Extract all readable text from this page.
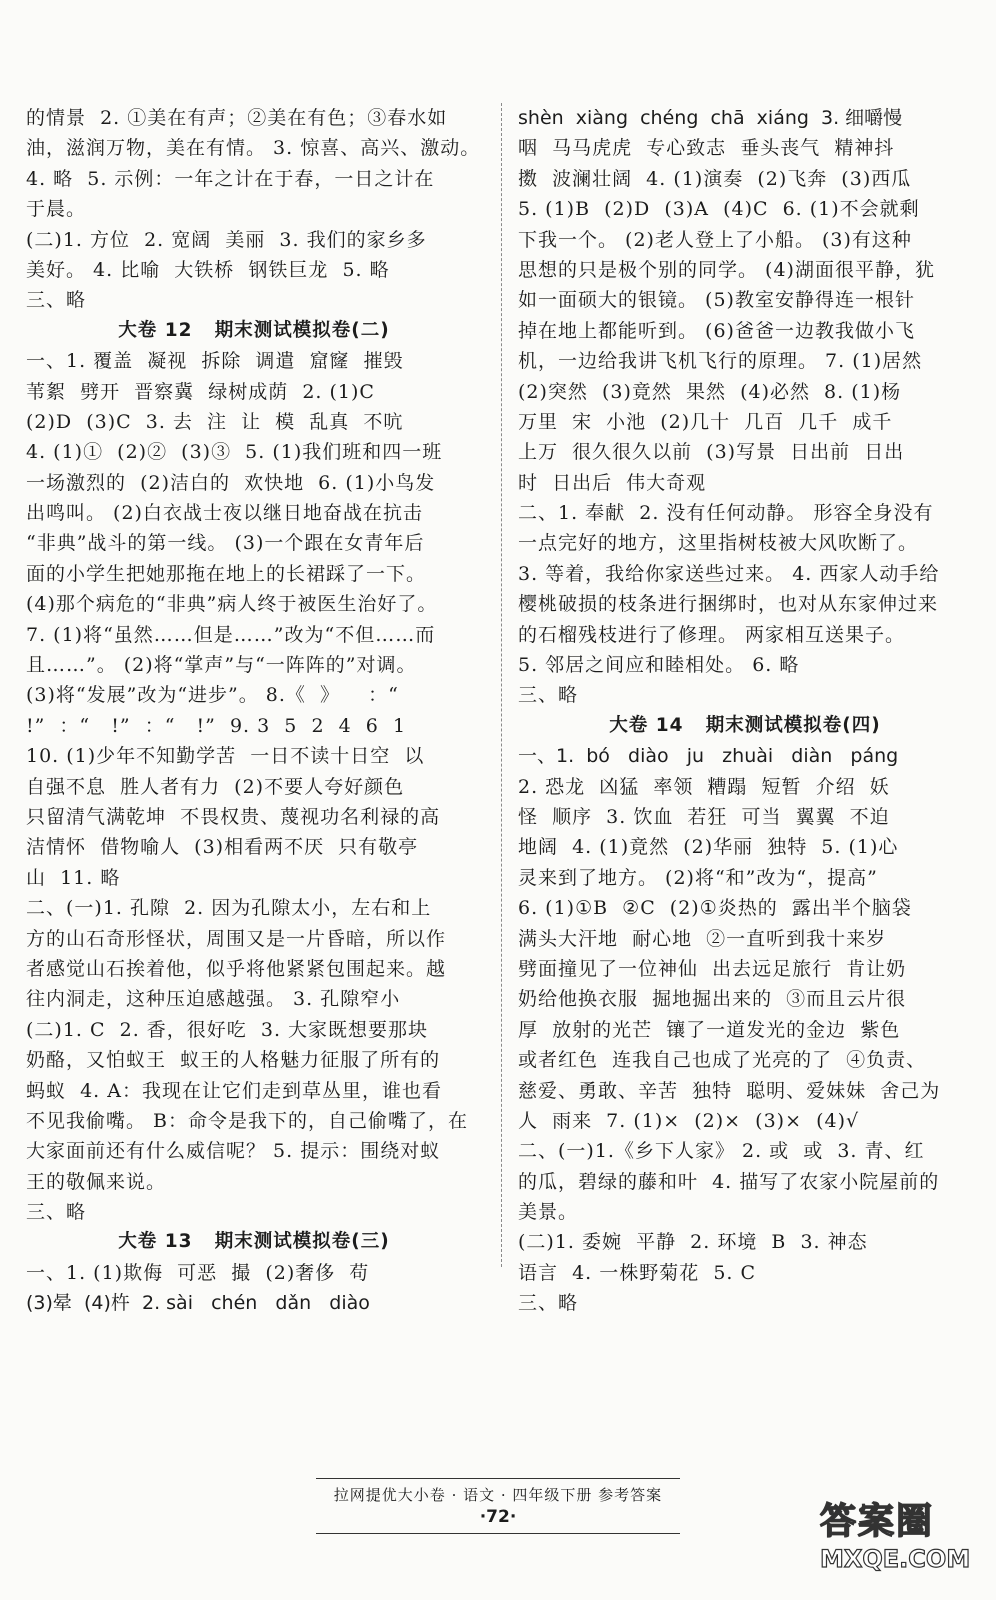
的情景  2. ①美在有声；②美在有色；③春水如
油，滋润万物，美在有情。 3. 惊喜、高兴、激动。
4. 略  5. 示例：一年之计在于春，一日之计在
于晨。
(二)1. 方位  2. 宽阔  美丽  3. 我们的家乡多
美好。 4. 比喻  大铁桥  钢铁巨龙  5. 略
三、略
大卷 12   期末测试模拟卷(二)
一、1. 覆盖  凝视  拆除  调遣  窟窿  摧毁
苇絮  劈开  晋察冀  绿树成荫  2. (1)C
(2)D  (3)C  3. 去  注  让  模  乱真  不吭
4. (1)①  (2)②  (3)③  5. (1)我们班和四一班
一场激烈的  (2)洁白的  欢快地  6. (1)小鸟发
出鸣叫。 (2)白衣战士夜以继日地奋战在抗击
“非典”战斗的第一线。 (3)一个跟在女青年后
面的小学生把她那拖在地上的长裙踩了一下。
(4)那个病危的“非典”病人终于被医生治好了。
7. (1)将“虽然……但是……”改为“不但……而
且……”。 (2)将“掌声”与“一阵阵的”对调。
(3)将“发展”改为“进步”。 8.《  》    ：“
!”  ：“   !”  ：“   !”  9. 3  5  2  4  6  1
10. (1)少年不知勤学苦  一日不读十日空  以
自强不息  胜人者有力  (2)不要人夸好颜色
只留清气满乾坤  不畏权贵、蔑视功名利禄的高
洁情怀  借物喻人  (3)相看两不厌  只有敬亭
山  11. 略
二、(一)1. 孔隙  2. 因为孔隙太小，左右和上
方的山石奇形怪状，周围又是一片昏暗，所以作
者感觉山石挨着他，似乎将他紧紧包围起来。越
往内洞走，这种压迫感越强。 3. 孔隙窄小
(二)1. C  2. 香，很好吃  3. 大家既想要那块
奶酪，又怕蚁王  蚁王的人格魅力征服了所有的
蚂蚁  4. A：我现在让它们走到草丛里，谁也看
不见我偷嘴。 B：命令是我下的，自己偷嘴了，在
大家面前还有什么威信呢？ 5. 提示：围绕对蚁
王的敬佩来说。
三、略
大卷 13   期末测试模拟卷(三)
一、1. (1)欺侮  可恶  撮  (2)奢侈  苟
(3)晕  (4)杵  2. sài   chén   dǎn   diào
shèn  xiàng  chéng  chā  xiáng  3. 细嚼慢
咽  马马虎虎  专心致志  垂头丧气  精神抖
擞  波澜壮阔  4. (1)演奏  (2)飞奔  (3)西瓜
5. (1)B  (2)D  (3)A  (4)C  6. (1)不会就剩
下我一个。 (2)老人登上了小船。 (3)有这种
思想的只是极个别的同学。 (4)湖面很平静，犹
如一面硕大的银镜。 (5)教室安静得连一根针
掉在地上都能听到。 (6)爸爸一边教我做小飞
机，一边给我讲飞机飞行的原理。 7. (1)居然
(2)突然  (3)竟然  果然  (4)必然  8. (1)杨
万里  宋  小池  (2)几十  几百  几千  成千
上万  很久很久以前  (3)写景  日出前  日出
时  日出后  伟大奇观
二、1. 奉献  2. 没有任何动静。 形容全身没有
一点完好的地方，这里指树枝被大风吹断了。
3. 等着，我给你家送些过来。 4. 西家人动手给
樱桃破损的枝条进行捆绑时，也对从东家伸过来
的石榴残枝进行了修理。 两家相互送果子。
5. 邻居之间应和睦相处。 6. 略
三、略
大卷 14   期末测试模拟卷(四)
一、1.  bó   diào   ju   zhuài   diàn   páng
2. 恐龙  凶猛  率领  糟蹋  短暂  介绍  妖
怪  顺序  3. 饮血  若狂  可当  翼翼  不迫
地阔  4. (1)竟然  (2)华丽  独特  5. (1)心
灵来到了地方。 (2)将“和”改为“，提高”
6. (1)①B  ②C  (2)①炎热的  露出半个脑袋
满头大汗地  耐心地  ②一直听到我十来岁
劈面撞见了一位神仙  出去远足旅行  肯让奶
奶给他换衣服  掘地掘出来的  ③而且云片很
厚  放射的光芒  镶了一道发光的金边  紫色
或者红色  连我自己也成了光亮的了  ④负责、
慈爱、勇敢、辛苦  独特  聪明、爱妹妹  舍己为
人  雨来  7. (1)×  (2)×  (3)×  (4)√
二、(一)1.《乡下人家》 2. 或  或  3. 青、红
的瓜，碧绿的藤和叶  4. 描写了农家小院屋前的
美景。
(二)1. 委婉  平静  2. 环境  B  3. 神态
语言  4. 一株野菊花  5. C
三、略
拉网提优大小卷 · 语文 · 四年级下册 参考答案
·72·	答案圈
MXQE.COM
